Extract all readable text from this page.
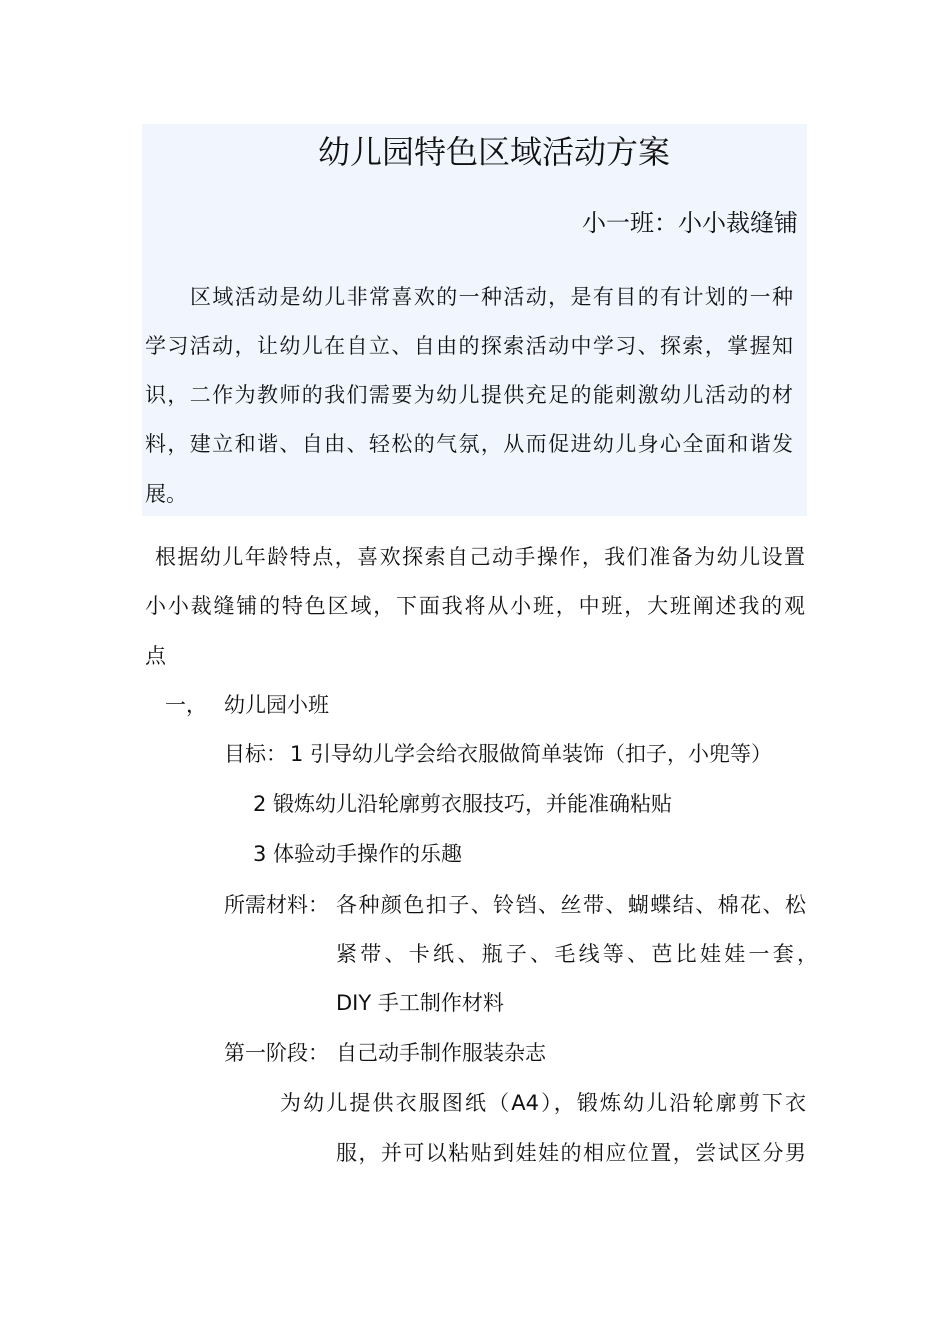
幼儿园特色区域活动方案
小一班：小小裁缝铺
区域活动是幼儿非常喜欢的一种活动，是有目的有计划的一种
学习活动，让幼儿在自立、自由的探索活动中学习、探索，掌握知
识，二作为教师的我们需要为幼儿提供充足的能刺激幼儿活动的材
料，建立和谐、自由、轻松的气氛，从而促进幼儿身心全面和谐发
展。
根据幼儿年龄特点，喜欢探索自己动手操作，我们准备为幼儿设置
小小裁缝铺的特色区域，下面我将从小班，中班，大班阐述我的观
点
一， 幼儿园小班
目标： 1 引导幼儿学会给衣服做简单装饰（扣子，小兜等）
2 锻炼幼儿沿轮廓剪衣服技巧，并能准确粘贴
3 体验动手操作的乐趣
所需材料： 各种颜色扣子、铃铛、丝带、蝴蝶结、棉花、松
紧带、卡纸、瓶子、毛线等、芭比娃娃一套，
DIY 手工制作材料
第一阶段： 自己动手制作服装杂志
为幼儿提供衣服图纸（A4），锻炼幼儿沿轮廓剪下衣
服，并可以粘贴到娃娃的相应位置，尝试区分男
